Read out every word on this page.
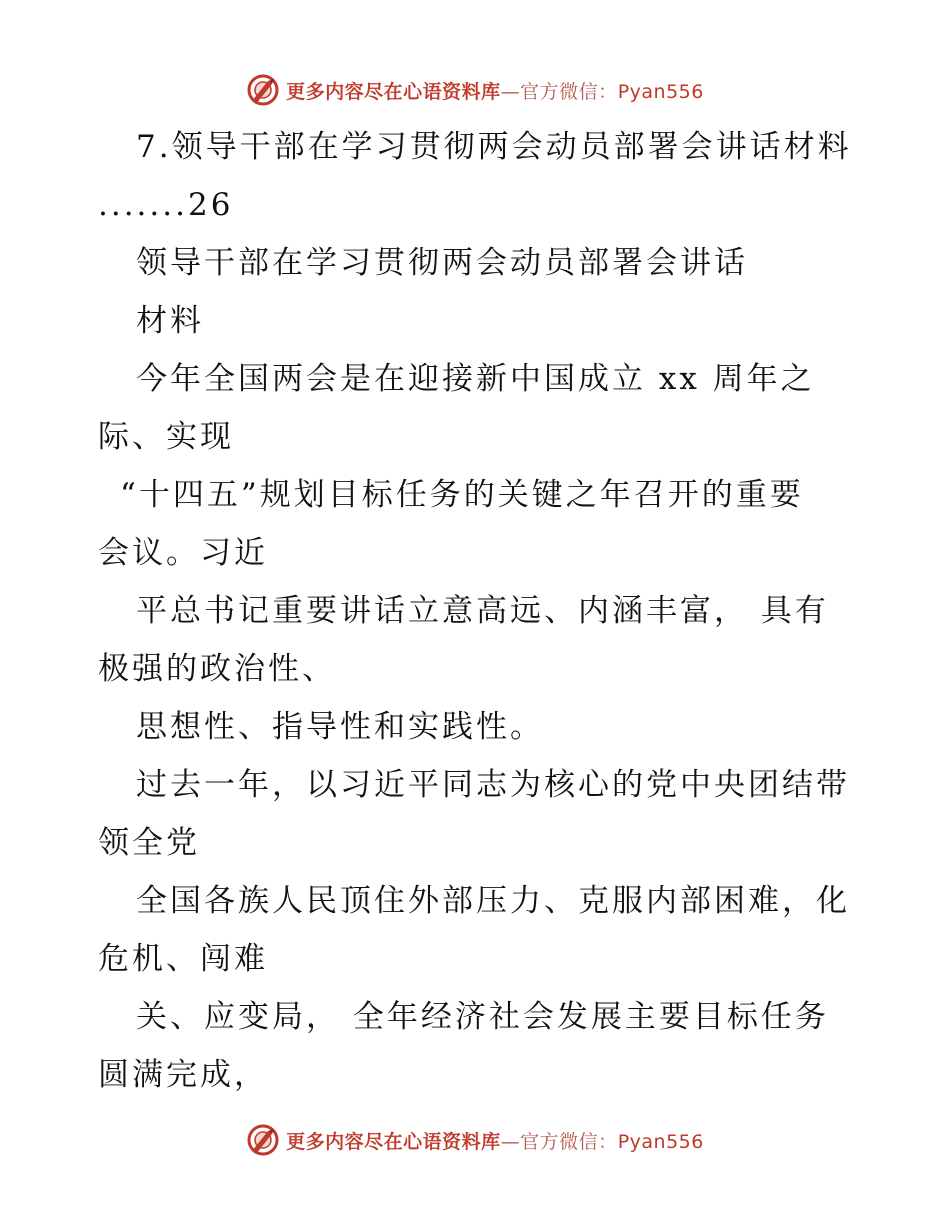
更多内容尽在心语资料库—官方微信：Pyan556
7.领导干部在学习贯彻两会动员部署会讲话材料
.......26
领导干部在学习贯彻两会动员部署会讲话
材料
今年全国两会是在迎接新中国成立 xx 周年之
际、实现
“十四五”规划目标任务的关键之年召开的重要
会议。习近
平总书记重要讲话立意高远、内涵丰富， 具有
极强的政治性、
思想性、指导性和实践性。
过去一年，以习近平同志为核心的党中央团结带
领全党
全国各族人民顶住外部压力、克服内部困难，化
危机、闯难
关、应变局， 全年经济社会发展主要目标任务
圆满完成，
更多内容尽在心语资料库—官方微信：Pyan556
